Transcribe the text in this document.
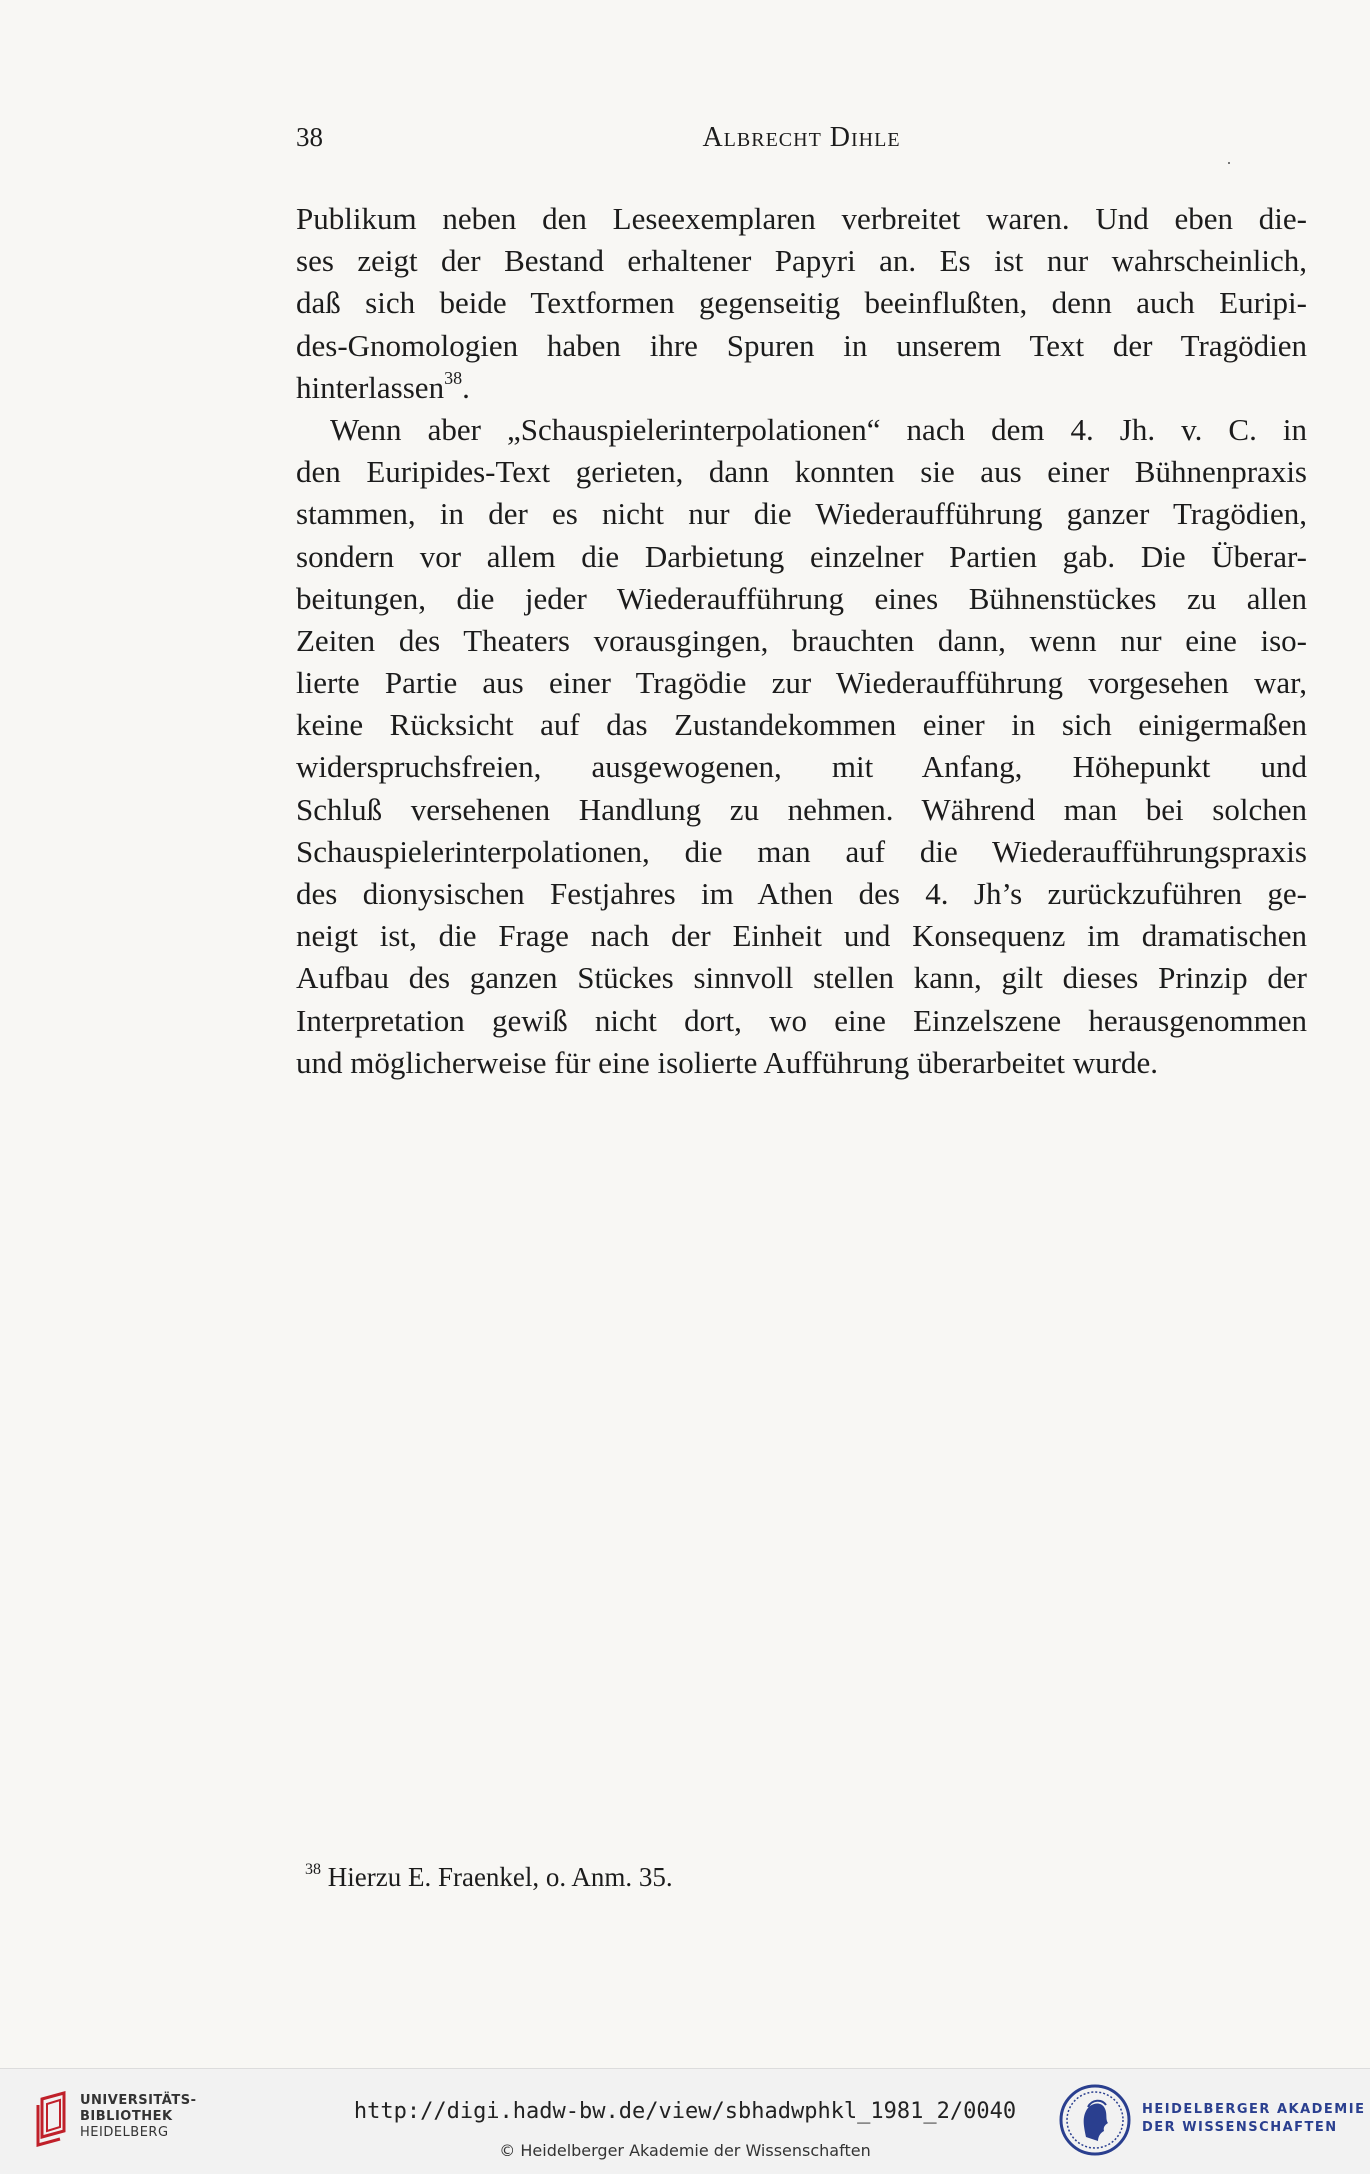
38	Albrecht Dihle
Publikum neben den Leseexemplaren verbreitet waren. Und eben die-
ses zeigt der Bestand erhaltener Papyri an. Es ist nur wahrscheinlich,
daß sich beide Textformen gegenseitig beeinflußten, denn auch Euripi-
des-Gnomologien haben ihre Spuren in unserem Text der Tragödien
hinterlassen$^{38}$.
Wenn aber „Schauspielerinterpolationen“ nach dem 4. Jh. v. C. in
den Euripides-Text gerieten, dann konnten sie aus einer Bühnenpraxis
stammen, in der es nicht nur die Wiederaufführung ganzer Tragödien,
sondern vor allem die Darbietung einzelner Partien gab. Die Überar-
beitungen, die jeder Wiederaufführung eines Bühnenstückes zu allen
Zeiten des Theaters vorausgingen, brauchten dann, wenn nur eine iso-
lierte Partie aus einer Tragödie zur Wiederaufführung vorgesehen war,
keine Rücksicht auf das Zustandekommen einer in sich einigermaßen
widerspruchsfreien, ausgewogenen, mit Anfang, Höhepunkt und
Schluß versehenen Handlung zu nehmen. Während man bei solchen
Schauspielerinterpolationen, die man auf die Wiederaufführungspraxis
des dionysischen Festjahres im Athen des 4. Jh’s zurückzuführen ge-
neigt ist, die Frage nach der Einheit und Konsequenz im dramatischen
Aufbau des ganzen Stückes sinnvoll stellen kann, gilt dieses Prinzip der
Interpretation gewiß nicht dort, wo eine Einzelszene herausgenommen
und möglicherweise für eine isolierte Aufführung überarbeitet wurde.
$^{38}$ Hierzu E. Fraenkel, o. Anm. 35.
UNIVERSITÄTS-
BIBLIOTHEK
HEIDELBERG
http://digi.hadw-bw.de/view/sbhadwphkl_1981_2/0040
© Heidelberger Akademie der Wissenschaften
HEIDELBERGER AKADEMIE
DER WISSENSCHAFTEN
